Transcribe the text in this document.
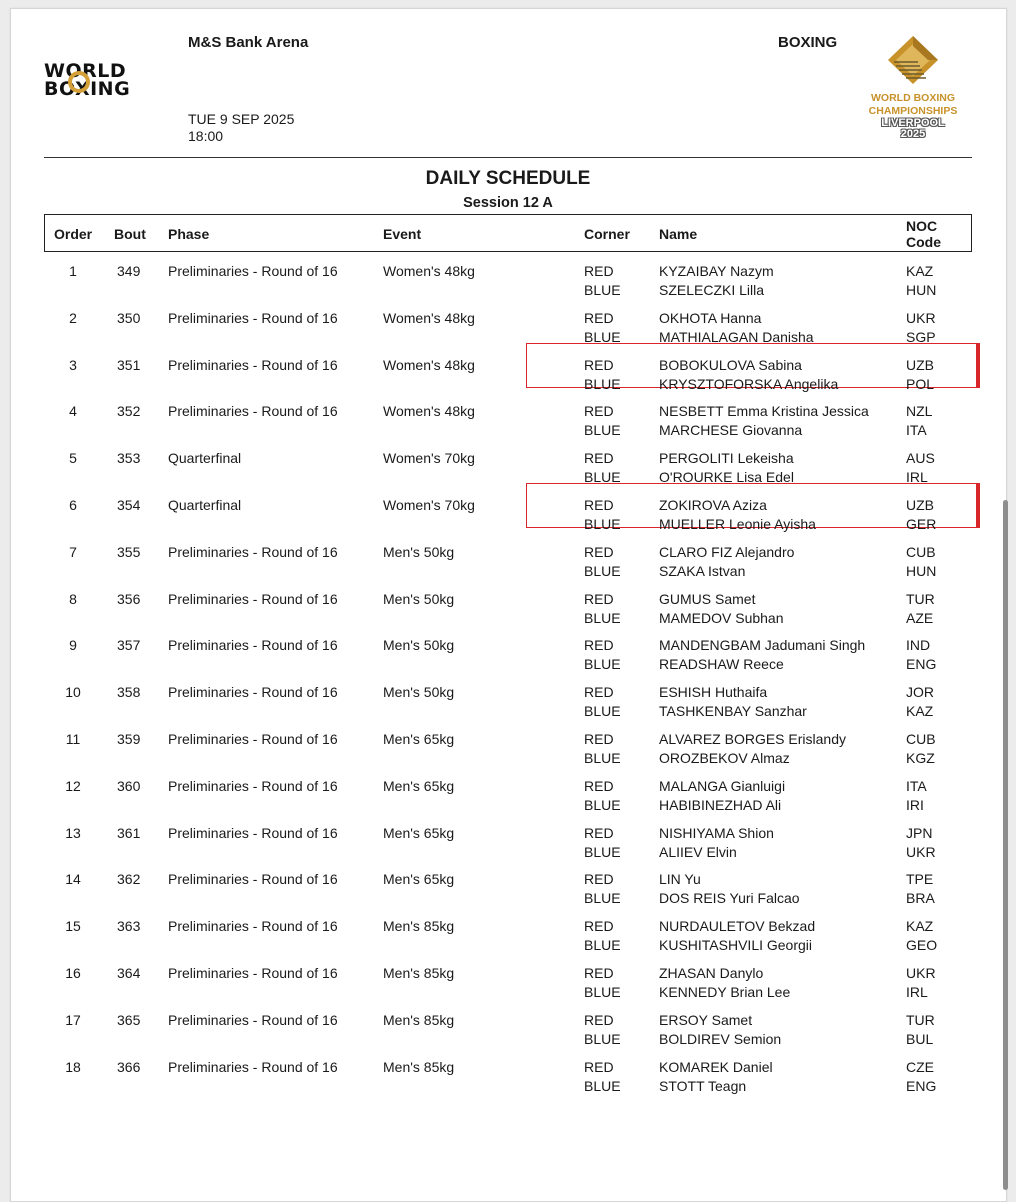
WORLD
BOXING
M&S Bank Arena
TUE 9 SEP 2025
18:00
BOXING
WORLD BOXING
CHAMPIONSHIPS
LIVERPOOL
2025
DAILY SCHEDULE
Session 12 A
Order Bout Phase	Event	Corner Name	NOC
Code
1	349 Preliminaries - Round of 16	Women's 48kg	RED	KYZAIBAY Nazym	KAZ
BLUE	SZELECZKI Lilla	HUN
2	350 Preliminaries - Round of 16	Women's 48kg	RED	OKHOTA Hanna	UKR
BLUE	MATHIALAGAN Danisha	SGP
3	351 Preliminaries - Round of 16	Women's 48kg	RED	BOBOKULOVA Sabina	UZB
BLUE	KRYSZTOFORSKA Angelika	POL
4	352 Preliminaries - Round of 16	Women's 48kg	RED	NESBETT Emma Kristina Jessica	NZL
BLUE	MARCHESE Giovanna	ITA
5	353 Quarterfinal	Women's 70kg	RED	PERGOLITI Lekeisha	AUS
BLUE	O'ROURKE Lisa Edel	IRL
6	354 Quarterfinal	Women's 70kg	RED	ZOKIROVA Aziza	UZB
BLUE	MUELLER Leonie Ayisha	GER
7	355 Preliminaries - Round of 16	Men's 50kg	RED	CLARO FIZ Alejandro	CUB
BLUE	SZAKA Istvan	HUN
8	356 Preliminaries - Round of 16	Men's 50kg	RED	GUMUS Samet	TUR
BLUE	MAMEDOV Subhan	AZE
9	357 Preliminaries - Round of 16	Men's 50kg	RED	MANDENGBAM Jadumani Singh	IND
BLUE	READSHAW Reece	ENG
10	358 Preliminaries - Round of 16	Men's 50kg	RED	ESHISH Huthaifa	JOR
BLUE	TASHKENBAY Sanzhar	KAZ
11	359 Preliminaries - Round of 16	Men's 65kg	RED	ALVAREZ BORGES Erislandy	CUB
BLUE	OROZBEKOV Almaz	KGZ
12	360 Preliminaries - Round of 16	Men's 65kg	RED	MALANGA Gianluigi	ITA
BLUE	HABIBINEZHAD Ali	IRI
13	361 Preliminaries - Round of 16	Men's 65kg	RED	NISHIYAMA Shion	JPN
BLUE	ALIIEV Elvin	UKR
14	362 Preliminaries - Round of 16	Men's 65kg	RED	LIN Yu	TPE
BLUE	DOS REIS Yuri Falcao	BRA
15	363 Preliminaries - Round of 16	Men's 85kg	RED	NURDAULETOV Bekzad	KAZ
BLUE	KUSHITASHVILI Georgii	GEO
16	364 Preliminaries - Round of 16	Men's 85kg	RED	ZHASAN Danylo	UKR
BLUE	KENNEDY Brian Lee	IRL
17	365 Preliminaries - Round of 16	Men's 85kg	RED	ERSOY Samet	TUR
BLUE	BOLDIREV Semion	BUL
18	366 Preliminaries - Round of 16	Men's 85kg	RED	KOMAREK Daniel	CZE
BLUE	STOTT Teagn	ENG
